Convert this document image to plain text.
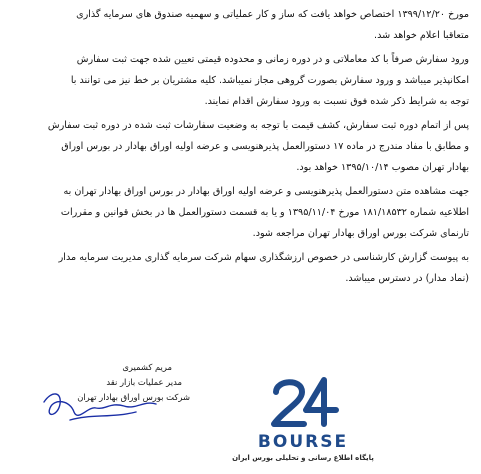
مورخ ۱۳۹۹/۱۲/۲۰ اختصاص خواهد یافت که ساز و کار عملیاتی و سهمیه صندوق های سرمایه گذاری
متعاقبا اعلام خواهد شد.

ورود سفارش صرفاً با کد معاملاتی و در دوره زمانی و محدوده قیمتی تعیین شده جهت ثبت سفارش
امکانپذیر میباشد و ورود سفارش بصورت گروهی مجاز نمیباشد. کلیه مشتریان بر خط نیز می توانند با
توجه به شرایط ذکر شده فوق نسبت به ورود سفارش اقدام نمایند.

پس از اتمام دوره ثبت سفارش، کشف قیمت با توجه به وضعیت سفارشات ثبت شده در دوره ثبت سفارش
و مطابق با مفاد مندرج در ماده ۱۷ دستورالعمل پذیرهنویسی و عرضه اولیه اوراق بهادار در بورس اوراق
بهادار تهران مصوب ۱۳۹۵/۱۰/۱۴ خواهد بود.

جهت مشاهده متن دستورالعمل پذیرهنویسی و عرضه اولیه اوراق بهادار در بورس اوراق بهادار تهران به
اطلاعیه شماره ۱۸۱/۱۸۵۳۲ مورخ ۱۳۹۵/۱۱/۰۴ و یا به قسمت دستورالعمل ها در بخش قوانین و مقررات
تارنمای شرکت بورس اوراق بهادار تهران مراجعه شود.

به پیوست گزارش کارشناسی در خصوص ارزشگذاری سهام شرکت سرمایه گذاری مدیریت سرمایه مدار
(نماد مدار) در دسترس میباشد.

مریم کشمیری
مدیر عملیات بازار نقد
شرکت بورس اوراق بهادار تهران
BOURSE
پایگاه اطلاع رسانی و تحلیلی بورس ایران
